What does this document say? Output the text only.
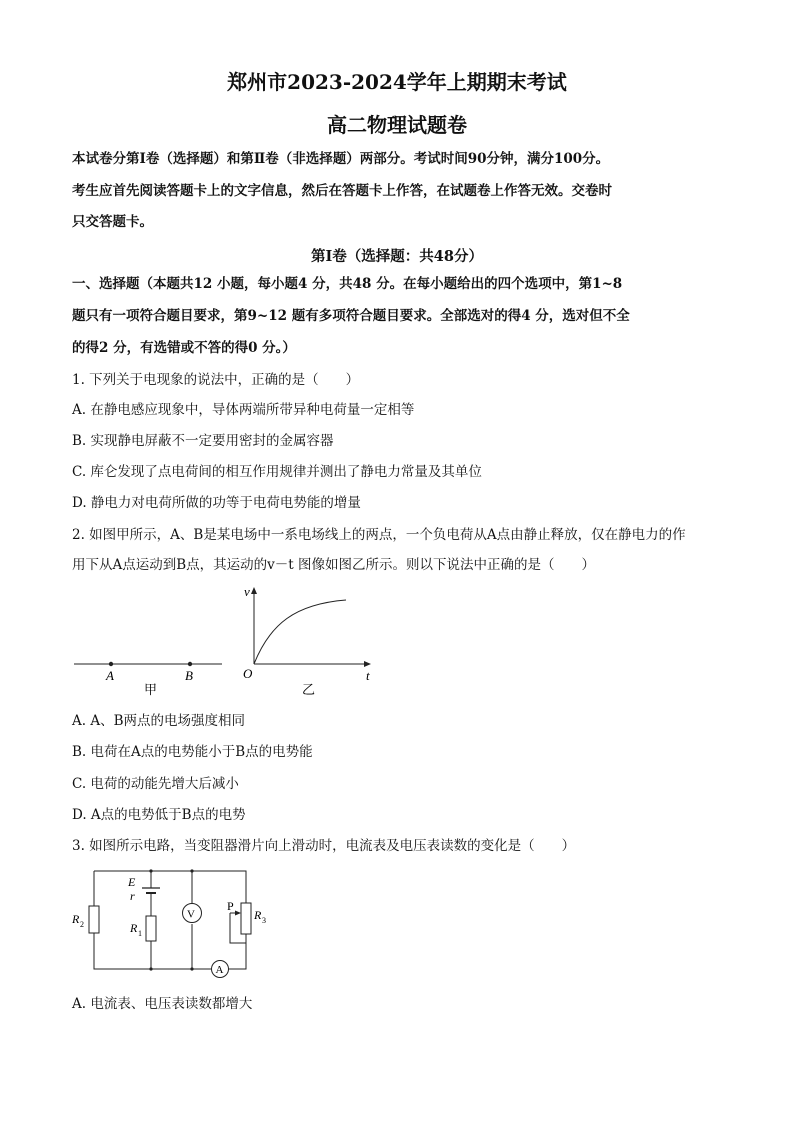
郑州市2023-2024学年上期期末考试
高二物理试题卷
本试卷分第Ⅰ卷（选择题）和第Ⅱ卷（非选择题）两部分。考试时间90分钟，满分100分。
考生应首先阅读答题卡上的文字信息，然后在答题卡上作答，在试题卷上作答无效。交卷时
只交答题卡。
第Ⅰ卷（选择题：共48分）
一、选择题（本题共12 小题，每小题4 分，共48 分。在每小题给出的四个选项中，第1~8
题只有一项符合题目要求，第9~12 题有多项符合题目要求。全部选对的得4 分，选对但不全
的得2 分，有选错或不答的得0 分。）
1. 下列关于电现象的说法中，正确的是（　　）
A. 在静电感应现象中，导体两端所带异种电荷量一定相等
B. 实现静电屏蔽不一定要用密封的金属容器
C. 库仑发现了点电荷间的相互作用规律并测出了静电力常量及其单位
D. 静电力对电荷所做的功等于电荷电势能的增量
2. 如图甲所示，A、B是某电场中一系电场线上的两点，一个负电荷从A点由静止释放，仅在静电力的作
用下从A点运动到B点，其运动的v－t 图像如图乙所示。则以下说法中正确的是（　　）
A	B
甲
v
t
O
乙
A. A、B两点的电场强度相同
B. 电荷在A点的电势能小于B点的电势能
C. 电荷的动能先增大后减小
D. A点的电势低于B点的电势
3. 如图所示电路，当变阻器滑片向上滑动时，电流表及电压表读数的变化是（　　）
R 2
E
r
R 1
V
P
R 3
A
A. 电流表、电压表读数都增大
